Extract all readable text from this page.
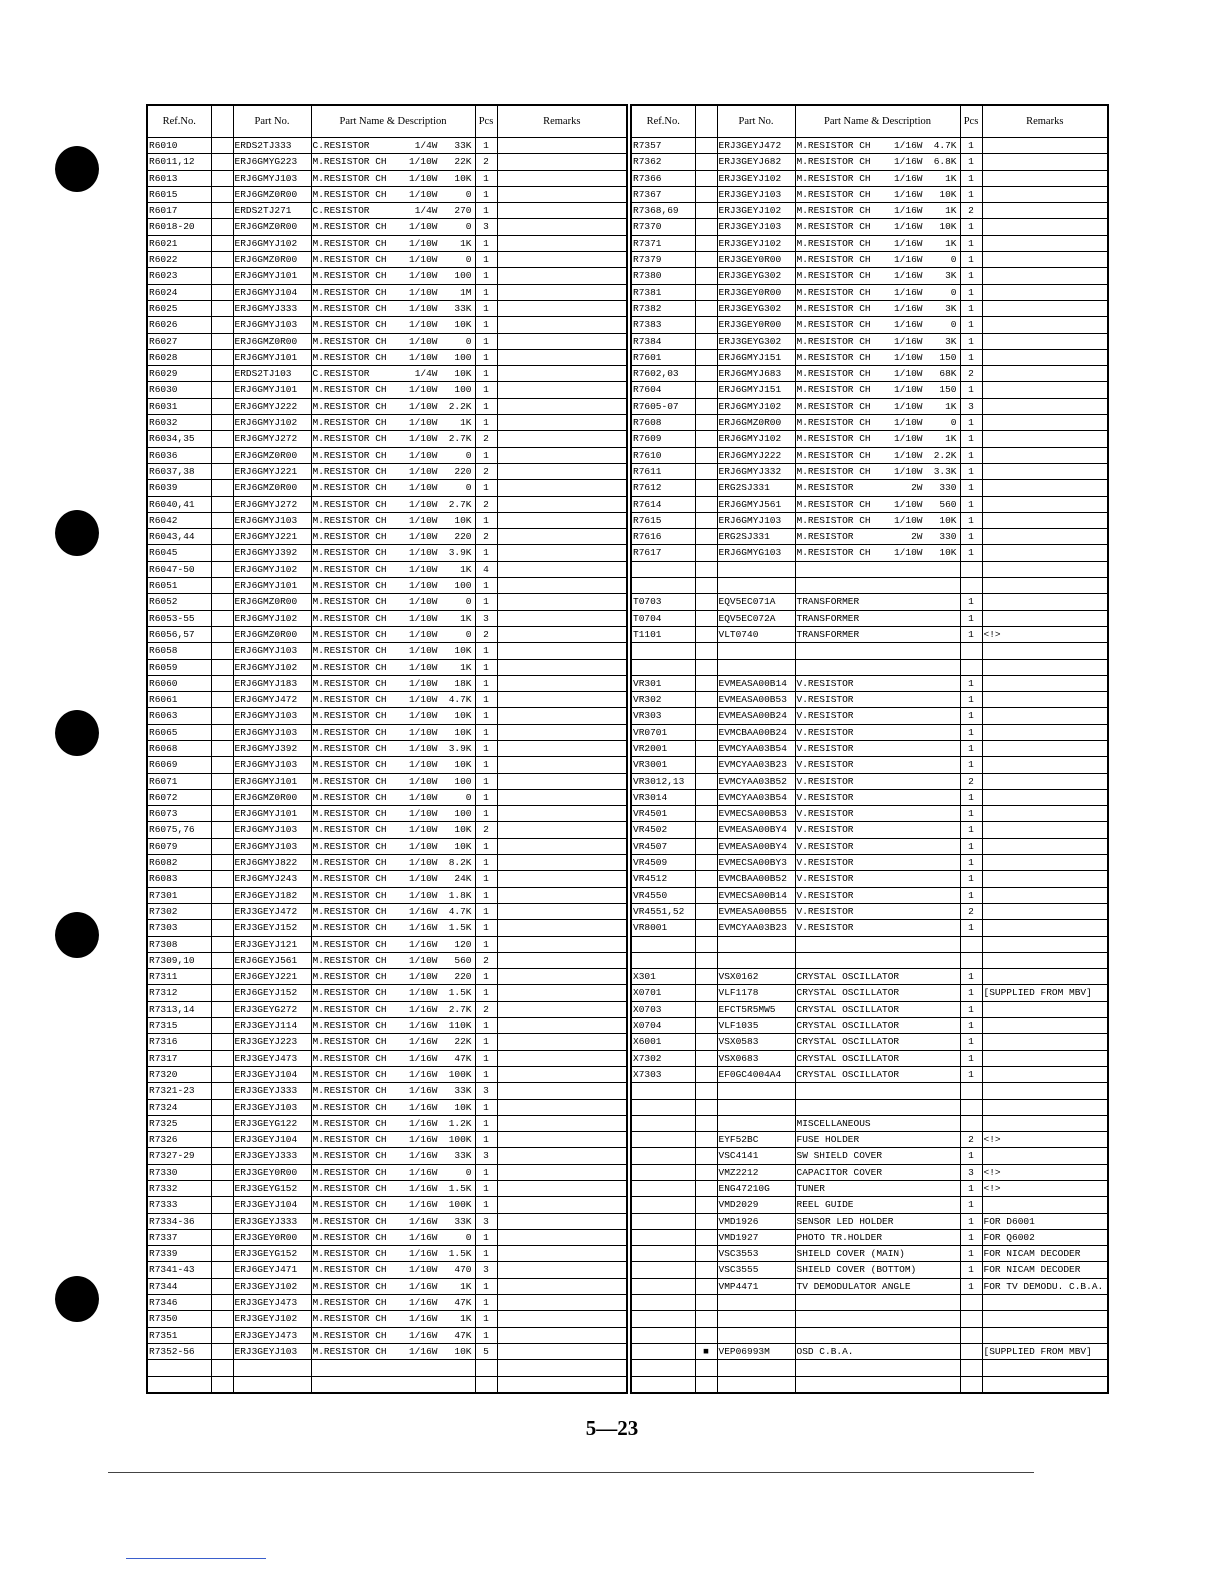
Ref.No.		Part No.	Part Name & Description	Pcs	Remarks
R6010		ERDS2TJ333	C.RESISTOR 1/4W 33K	1	
R6011,12		ERJ6GMYG223	M.RESISTOR CH 1/10W 22K	2	
R6013		ERJ6GMYJ103	M.RESISTOR CH 1/10W 10K	1	
R6015		ERJ6GMZ0R00	M.RESISTOR CH 1/10W 0	1	
R6017		ERDS2TJ271	C.RESISTOR 1/4W 270	1	
R6018-20		ERJ6GMZ0R00	M.RESISTOR CH 1/10W 0	3	
R6021		ERJ6GMYJ102	M.RESISTOR CH 1/10W 1K	1	
R6022		ERJ6GMZ0R00	M.RESISTOR CH 1/10W 0	1	
R6023		ERJ6GMYJ101	M.RESISTOR CH 1/10W 100	1	
R6024		ERJ6GMYJ104	M.RESISTOR CH 1/10W 1M	1	
R6025		ERJ6GMYJ333	M.RESISTOR CH 1/10W 33K	1	
R6026		ERJ6GMYJ103	M.RESISTOR CH 1/10W 10K	1	
R6027		ERJ6GMZ0R00	M.RESISTOR CH 1/10W 0	1	
R6028		ERJ6GMYJ101	M.RESISTOR CH 1/10W 100	1	
R6029		ERDS2TJ103	C.RESISTOR 1/4W 10K	1	
R6030		ERJ6GMYJ101	M.RESISTOR CH 1/10W 100	1	
R6031		ERJ6GMYJ222	M.RESISTOR CH 1/10W 2.2K	1	
R6032		ERJ6GMYJ102	M.RESISTOR CH 1/10W 1K	1	
R6034,35		ERJ6GMYJ272	M.RESISTOR CH 1/10W 2.7K	2	
R6036		ERJ6GMZ0R00	M.RESISTOR CH 1/10W 0	1	
R6037,38		ERJ6GMYJ221	M.RESISTOR CH 1/10W 220	2	
R6039		ERJ6GMZ0R00	M.RESISTOR CH 1/10W 0	1	
R6040,41		ERJ6GMYJ272	M.RESISTOR CH 1/10W 2.7K	2	
R6042		ERJ6GMYJ103	M.RESISTOR CH 1/10W 10K	1	
R6043,44		ERJ6GMYJ221	M.RESISTOR CH 1/10W 220	2	
R6045		ERJ6GMYJ392	M.RESISTOR CH 1/10W 3.9K	1	
R6047-50		ERJ6GMYJ102	M.RESISTOR CH 1/10W 1K	4	
R6051		ERJ6GMYJ101	M.RESISTOR CH 1/10W 100	1	
R6052		ERJ6GMZ0R00	M.RESISTOR CH 1/10W 0	1	
R6053-55		ERJ6GMYJ102	M.RESISTOR CH 1/10W 1K	3	
R6056,57		ERJ6GMZ0R00	M.RESISTOR CH 1/10W 0	2	
R6058		ERJ6GMYJ103	M.RESISTOR CH 1/10W 10K	1	
R6059		ERJ6GMYJ102	M.RESISTOR CH 1/10W 1K	1	
R6060		ERJ6GMYJ183	M.RESISTOR CH 1/10W 18K	1	
R6061		ERJ6GMYJ472	M.RESISTOR CH 1/10W 4.7K	1	
R6063		ERJ6GMYJ103	M.RESISTOR CH 1/10W 10K	1	
R6065		ERJ6GMYJ103	M.RESISTOR CH 1/10W 10K	1	
R6068		ERJ6GMYJ392	M.RESISTOR CH 1/10W 3.9K	1	
R6069		ERJ6GMYJ103	M.RESISTOR CH 1/10W 10K	1	
R6071		ERJ6GMYJ101	M.RESISTOR CH 1/10W 100	1	
R6072		ERJ6GMZ0R00	M.RESISTOR CH 1/10W 0	1	
R6073		ERJ6GMYJ101	M.RESISTOR CH 1/10W 100	1	
R6075,76		ERJ6GMYJ103	M.RESISTOR CH 1/10W 10K	2	
R6079		ERJ6GMYJ103	M.RESISTOR CH 1/10W 10K	1	
R6082		ERJ6GMYJ822	M.RESISTOR CH 1/10W 8.2K	1	
R6083		ERJ6GMYJ243	M.RESISTOR CH 1/10W 24K	1	
R7301		ERJ6GEYJ182	M.RESISTOR CH 1/10W 1.8K	1	
R7302		ERJ3GEYJ472	M.RESISTOR CH 1/16W 4.7K	1	
R7303		ERJ3GEYJ152	M.RESISTOR CH 1/16W 1.5K	1	
R7308		ERJ3GEYJ121	M.RESISTOR CH 1/16W 120	1	
R7309,10		ERJ6GEYJ561	M.RESISTOR CH 1/10W 560	2	
R7311		ERJ6GEYJ221	M.RESISTOR CH 1/10W 220	1	
R7312		ERJ6GEYJ152	M.RESISTOR CH 1/10W 1.5K	1	
R7313,14		ERJ3GEYG272	M.RESISTOR CH 1/16W 2.7K	2	
R7315		ERJ3GEYJ114	M.RESISTOR CH 1/16W 110K	1	
R7316		ERJ3GEYJ223	M.RESISTOR CH 1/16W 22K	1	
R7317		ERJ3GEYJ473	M.RESISTOR CH 1/16W 47K	1	
R7320		ERJ3GEYJ104	M.RESISTOR CH 1/16W 100K	1	
R7321-23		ERJ3GEYJ333	M.RESISTOR CH 1/16W 33K	3	
R7324		ERJ3GEYJ103	M.RESISTOR CH 1/16W 10K	1	
R7325		ERJ3GEYG122	M.RESISTOR CH 1/16W 1.2K	1	
R7326		ERJ3GEYJ104	M.RESISTOR CH 1/16W 100K	1	
R7327-29		ERJ3GEYJ333	M.RESISTOR CH 1/16W 33K	3	
R7330		ERJ3GEY0R00	M.RESISTOR CH 1/16W 0	1	
R7332		ERJ3GEYG152	M.RESISTOR CH 1/16W 1.5K	1	
R7333		ERJ3GEYJ104	M.RESISTOR CH 1/16W 100K	1	
R7334-36		ERJ3GEYJ333	M.RESISTOR CH 1/16W 33K	3	
R7337		ERJ3GEY0R00	M.RESISTOR CH 1/16W 0	1	
R7339		ERJ3GEYG152	M.RESISTOR CH 1/16W 1.5K	1	
R7341-43		ERJ6GEYJ471	M.RESISTOR CH 1/10W 470	3	
R7344		ERJ3GEYJ102	M.RESISTOR CH 1/16W 1K	1	
R7346		ERJ3GEYJ473	M.RESISTOR CH 1/16W 47K	1	
R7350		ERJ3GEYJ102	M.RESISTOR CH 1/16W 1K	1	
R7351		ERJ3GEYJ473	M.RESISTOR CH 1/16W 47K	1	
R7352-56		ERJ3GEYJ103	M.RESISTOR CH 1/16W 10K	5	

Ref.No.		Part No.	Part Name & Description	Pcs	Remarks
R7357		ERJ3GEYJ472	M.RESISTOR CH 1/16W 4.7K	1	
R7362		ERJ3GEYJ682	M.RESISTOR CH 1/16W 6.8K	1	
R7366		ERJ3GEYJ102	M.RESISTOR CH 1/16W 1K	1	
R7367		ERJ3GEYJ103	M.RESISTOR CH 1/16W 10K	1	
R7368,69		ERJ3GEYJ102	M.RESISTOR CH 1/16W 1K	2	
R7370		ERJ3GEYJ103	M.RESISTOR CH 1/16W 10K	1	
R7371		ERJ3GEYJ102	M.RESISTOR CH 1/16W 1K	1	
R7379		ERJ3GEY0R00	M.RESISTOR CH 1/16W 0	1	
R7380		ERJ3GEYG302	M.RESISTOR CH 1/16W 3K	1	
R7381		ERJ3GEY0R00	M.RESISTOR CH 1/16W 0	1	
R7382		ERJ3GEYG302	M.RESISTOR CH 1/16W 3K	1	
R7383		ERJ3GEY0R00	M.RESISTOR CH 1/16W 0	1	
R7384		ERJ3GEYG302	M.RESISTOR CH 1/16W 3K	1	
R7601		ERJ6GMYJ151	M.RESISTOR CH 1/10W 150	1	
R7602,03		ERJ6GMYJ683	M.RESISTOR CH 1/10W 68K	2	
R7604		ERJ6GMYJ151	M.RESISTOR CH 1/10W 150	1	
R7605-07		ERJ6GMYJ102	M.RESISTOR CH 1/10W 1K	3	
R7608		ERJ6GMZ0R00	M.RESISTOR CH 1/10W 0	1	
R7609		ERJ6GMYJ102	M.RESISTOR CH 1/10W 1K	1	
R7610		ERJ6GMYJ222	M.RESISTOR CH 1/10W 2.2K	1	
R7611		ERJ6GMYJ332	M.RESISTOR CH 1/10W 3.3K	1	
R7612		ERG2SJ331	M.RESISTOR 2W 330	1	
R7614		ERJ6GMYJ561	M.RESISTOR CH 1/10W 560	1	
R7615		ERJ6GMYJ103	M.RESISTOR CH 1/10W 10K	1	
R7616		ERG2SJ331	M.RESISTOR 2W 330	1	
R7617		ERJ6GMYG103	M.RESISTOR CH 1/10W 10K	1	

T0703		EQV5EC071A	TRANSFORMER	1	
T0704		EQV5EC072A	TRANSFORMER	1	
T1101		VLT0740	TRANSFORMER	1	<!>

VR301		EVMEASA00B14	V.RESISTOR	1	
VR302		EVMEASA00B53	V.RESISTOR	1	
VR303		EVMEASA00B24	V.RESISTOR	1	
VR0701		EVMCBAA00B24	V.RESISTOR	1	
VR2001		EVMCYAA03B54	V.RESISTOR	1	
VR3001		EVMCYAA03B23	V.RESISTOR	1	
VR3012,13		EVMCYAA03B52	V.RESISTOR	2	
VR3014		EVMCYAA03B54	V.RESISTOR	1	
VR4501		EVMECSA00B53	V.RESISTOR	1	
VR4502		EVMEASA00BY4	V.RESISTOR	1	
VR4507		EVMEASA00BY4	V.RESISTOR	1	
VR4509		EVMECSA00BY3	V.RESISTOR	1	
VR4512		EVMCBAA00B52	V.RESISTOR	1	
VR4550		EVMECSA00B14	V.RESISTOR	1	
VR4551,52		EVMEASA00B55	V.RESISTOR	2	
VR8001		EVMCYAA03B23	V.RESISTOR	1	

X301		VSX0162	CRYSTAL OSCILLATOR	1	
X0701		VLF1178	CRYSTAL OSCILLATOR	1	[SUPPLIED FROM MBV]
X0703		EFCT5R5MW5	CRYSTAL OSCILLATOR	1	
X0704		VLF1035	CRYSTAL OSCILLATOR	1	
X6001		VSX0583	CRYSTAL OSCILLATOR	1	
X7302		VSX0683	CRYSTAL OSCILLATOR	1	
X7303		EF0GC4004A4	CRYSTAL OSCILLATOR	1	

			MISCELLANEOUS		

		EYF52BC	FUSE HOLDER	2	<!>
		VSC4141	SW SHIELD COVER	1	
		VMZ2212	CAPACITOR COVER	3	<!>
		ENG47210G	TUNER	1	<!>
		VMD2029	REEL GUIDE	1	
		VMD1926	SENSOR LED HOLDER	1	FOR D6001
		VMD1927	PHOTO TR.HOLDER	1	FOR Q6002
		VSC3553	SHIELD COVER (MAIN)	1	FOR NICAM DECODER
		VSC3555	SHIELD COVER (BOTTOM)	1	FOR NICAM DECODER
		VMP4471	TV DEMODULATOR ANGLE	1	FOR TV DEMODU. C.B.A.

	■	VEP06993M	OSD C.B.A.		[SUPPLIED FROM MBV]

5—23
